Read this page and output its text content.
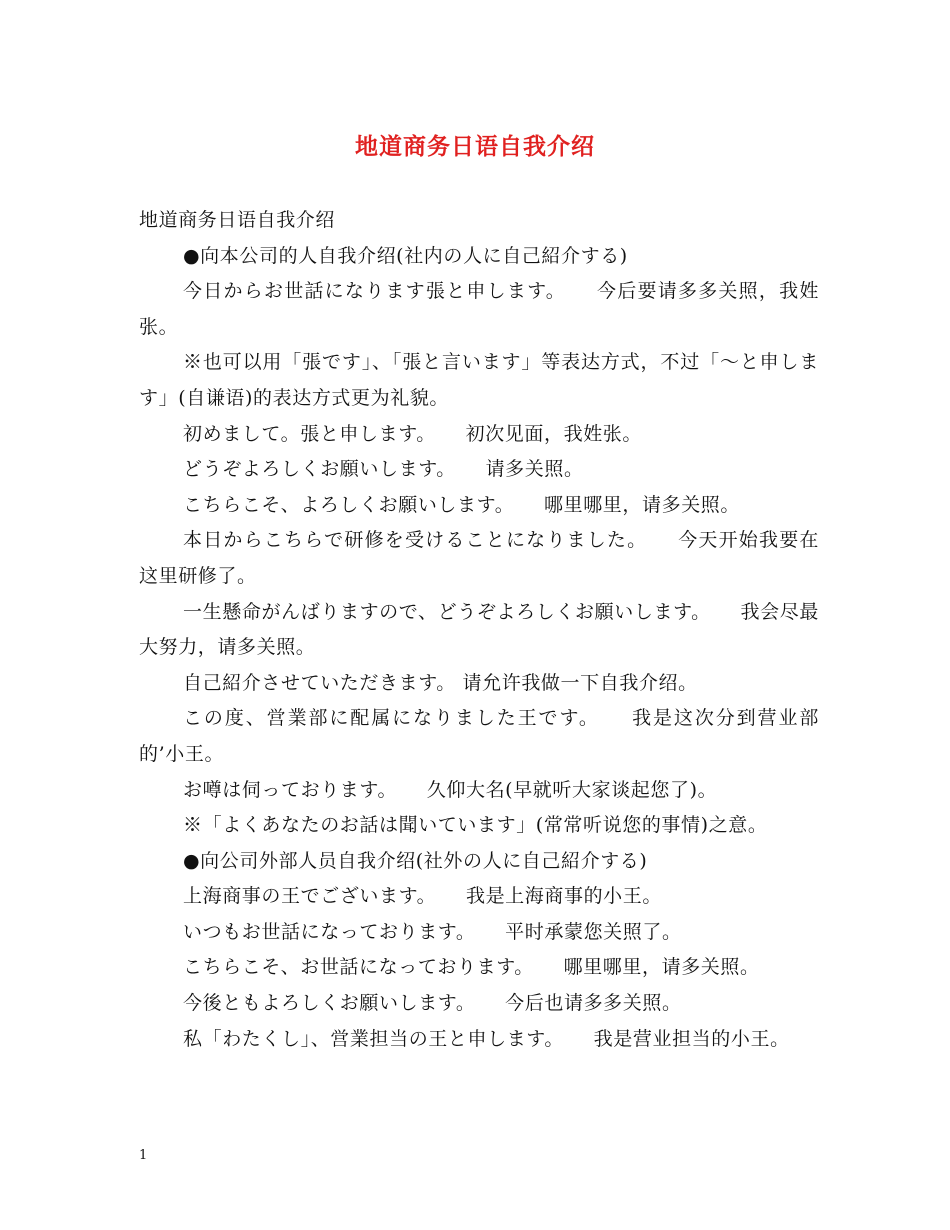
地道商务日语自我介绍

地道商务日语自我介绍

●向本公司的人自我介绍(社内の人に自己紹介する)

今日からお世話になります張と申します。　　今后要请多多关照，我姓张。

※也可以用「張です」、「張と言います」等表达方式，不过「～と申します」(自谦语)的表达方式更为礼貌。

初めまして。張と申します。　　初次见面，我姓张。

どうぞよろしくお願いします。　　请多关照。

こちらこそ、よろしくお願いします。　　哪里哪里，请多关照。

本日からこちらで研修を受けることになりました。　　今天开始我要在这里研修了。

一生懸命がんばりますので、どうぞよろしくお願いします。　　我会尽最大努力，请多关照。

自己紹介させていただきます。 请允许我做一下自我介绍。

この度、営業部に配属になりました王です。　　我是这次分到营业部的’小王。

お噂は伺っております。　　久仰大名(早就听大家谈起您了)。

※「よくあなたのお話は聞いています」(常常听说您的事情)之意。

●向公司外部人员自我介绍(社外の人に自己紹介する)

上海商事の王でございます。　　我是上海商事的小王。

いつもお世話になっております。　　平时承蒙您关照了。

こちらこそ、お世話になっております。　　哪里哪里，请多关照。

今後ともよろしくお願いします。　　今后也请多多关照。

私「わたくし」、営業担当の王と申します。　　我是营业担当的小王。

1
